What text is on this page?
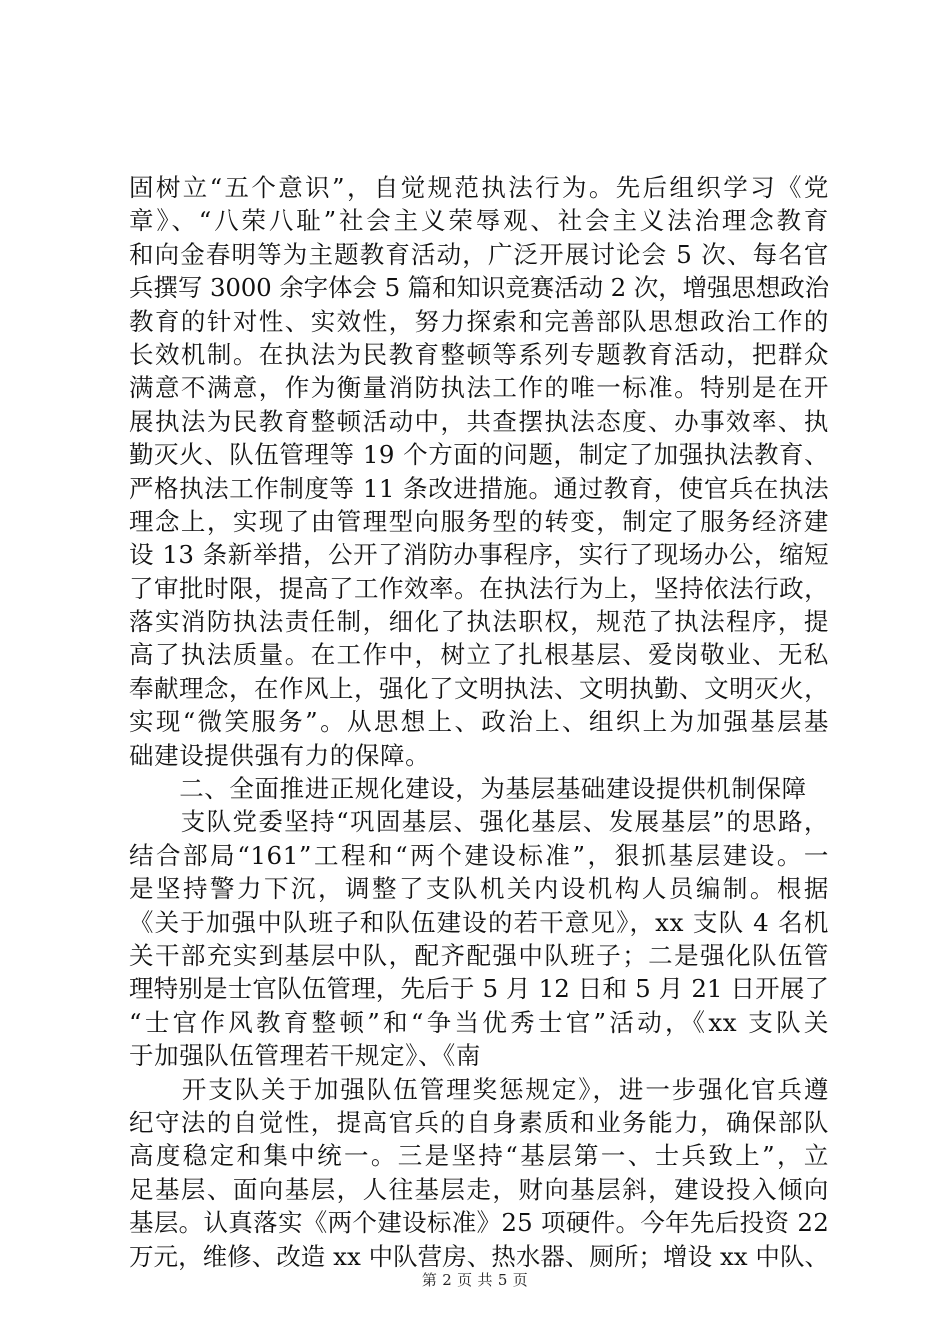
固树立“五个意识”，自觉规范执法行为。先后组织学习《党
章》、“八荣八耻”社会主义荣辱观、社会主义法治理念教育
和向金春明等为主题教育活动，广泛开展讨论会 5 次、每名官
兵撰写 3000 余字体会 5 篇和知识竞赛活动 2 次，增强思想政治
教育的针对性、实效性，努力探索和完善部队思想政治工作的
长效机制。在执法为民教育整顿等系列专题教育活动，把群众
满意不满意，作为衡量消防执法工作的唯一标准。特别是在开
展执法为民教育整顿活动中，共查摆执法态度、办事效率、执
勤灭火、队伍管理等 19 个方面的问题，制定了加强执法教育、
严格执法工作制度等 11 条改进措施。通过教育，使官兵在执法
理念上，实现了由管理型向服务型的转变，制定了服务经济建
设 13 条新举措，公开了消防办事程序，实行了现场办公，缩短
了审批时限，提高了工作效率。在执法行为上，坚持依法行政，
落实消防执法责任制，细化了执法职权，规范了执法程序，提
高了执法质量。在工作中，树立了扎根基层、爱岗敬业、无私
奉献理念，在作风上，强化了文明执法、文明执勤、文明灭火，
实现“微笑服务”。从思想上、政治上、组织上为加强基层基
础建设提供强有力的保障。
　　二、全面推进正规化建设，为基层基础建设提供机制保障
　　支队党委坚持“巩固基层、强化基层、发展基层”的思路，
结合部局“161”工程和“两个建设标准”，狠抓基层建设。一
是坚持警力下沉，调整了支队机关内设机构人员编制。根据
《关于加强中队班子和队伍建设的若干意见》，xx 支队 4 名机
关干部充实到基层中队，配齐配强中队班子；二是强化队伍管
理特别是士官队伍管理，先后于 5 月 12 日和 5 月 21 日开展了
“士官作风教育整顿”和“争当优秀士官”活动，《xx 支队关
于加强队伍管理若干规定》、《南
　　开支队关于加强队伍管理奖惩规定》，进一步强化官兵遵
纪守法的自觉性，提高官兵的自身素质和业务能力，确保部队
高度稳定和集中统一。三是坚持“基层第一、士兵致上”，立
足基层、面向基层，人往基层走，财向基层斜，建设投入倾向
基层。认真落实《两个建设标准》25 项硬件。今年先后投资 22
万元，维修、改造 xx 中队营房、热水器、厕所；增设 xx 中队、
第 2 页 共 5 页
